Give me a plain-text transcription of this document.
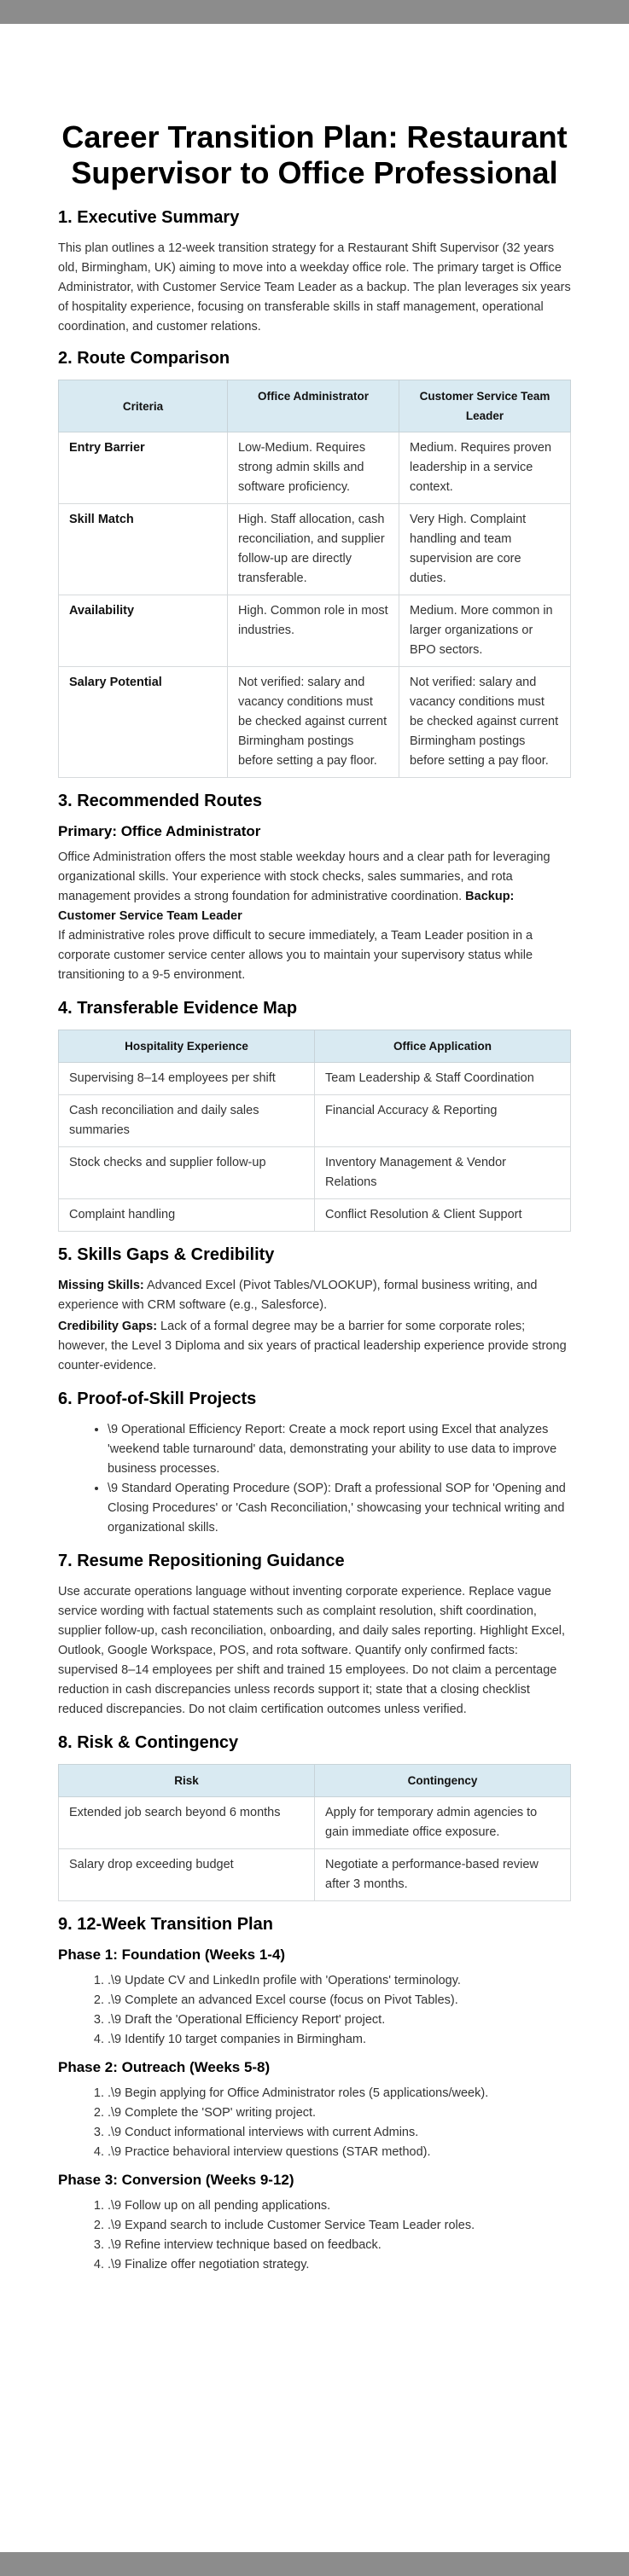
Career Transition Plan: Restaurant Supervisor to Office Professional
1. Executive Summary

This plan outlines a 12-week transition strategy for a Restaurant Shift Supervisor (32 years old, Birmingham, UK) aiming to move into a weekday office role. The primary target is Office Administrator, with Customer Service Team Leader as a backup. The plan leverages six years of hospitality experience, focusing on transferable skills in staff management, operational coordination, and customer relations.

2. Route Comparison
Criteria	Office Administrator	Customer Service Team Leader
Entry Barrier	Low-Medium. Requires strong admin skills and software proficiency.	Medium. Requires proven leadership in a service context.
Skill Match	High. Staff allocation, cash reconciliation, and supplier follow-up are directly transferable.	Very High. Complaint handling and team supervision are core duties.
Availability	High. Common role in most industries.	Medium. More common in larger organizations or BPO sectors.
Salary Potential	Not verified: salary and vacancy conditions must be checked against current Birmingham postings before setting a pay floor.	Not verified: salary and vacancy conditions must be checked against current Birmingham postings before setting a pay floor.
3. Recommended Routes
Primary: Office Administrator

Office Administration offers the most stable weekday hours and a clear path for leveraging organizational skills. Your experience with stock checks, sales summaries, and rota management provides a strong foundation for administrative coordination. Backup: Customer Service Team Leader
If administrative roles prove difficult to secure immediately, a Team Leader position in a corporate customer service center allows you to maintain your supervisory status while transitioning to a 9-5 environment.

4. Transferable Evidence Map
Hospitality Experience	Office Application
Supervising 8–14 employees per shift	Team Leadership & Staff Coordination
Cash reconciliation and daily sales summaries	Financial Accuracy & Reporting
Stock checks and supplier follow-up	Inventory Management & Vendor Relations
Complaint handling	Conflict Resolution & Client Support
5. Skills Gaps & Credibility

Missing Skills: Advanced Excel (Pivot Tables/VLOOKUP), formal business writing, and experience with CRM software (e.g., Salesforce).

Credibility Gaps: Lack of a formal degree may be a barrier for some corporate roles; however, the Level 3 Diploma and six years of practical leadership experience provide strong counter-evidence.

6. Proof-of-Skill Projects
• \9 Operational Efficiency Report: Create a mock report using Excel that analyzes 'weekend table turnaround' data, demonstrating your ability to use data to improve business processes.
• \9 Standard Operating Procedure (SOP): Draft a professional SOP for 'Opening and Closing Procedures' or 'Cash Reconciliation,' showcasing your technical writing and organizational skills.
7. Resume Repositioning Guidance

Use accurate operations language without inventing corporate experience. Replace vague service wording with factual statements such as complaint resolution, shift coordination, supplier follow-up, cash reconciliation, onboarding, and daily sales reporting. Highlight Excel, Outlook, Google Workspace, POS, and rota software. Quantify only confirmed facts: supervised 8–14 employees per shift and trained 15 employees. Do not claim a percentage reduction in cash discrepancies unless records support it; state that a closing checklist reduced discrepancies. Do not claim certification outcomes unless verified.

8. Risk & Contingency
Risk	Contingency
Extended job search beyond 6 months	Apply for temporary admin agencies to gain immediate office exposure.
Salary drop exceeding budget	Negotiate a performance-based review after 3 months.
9. 12-Week Transition Plan
Phase 1: Foundation (Weeks 1-4)
1. .\9 Update CV and LinkedIn profile with 'Operations' terminology.
2. .\9 Complete an advanced Excel course (focus on Pivot Tables).
3. .\9 Draft the 'Operational Efficiency Report' project.
4. .\9 Identify 10 target companies in Birmingham.
Phase 2: Outreach (Weeks 5-8)
1. .\9 Begin applying for Office Administrator roles (5 applications/week).
2. .\9 Complete the 'SOP' writing project.
3. .\9 Conduct informational interviews with current Admins.
4. .\9 Practice behavioral interview questions (STAR method).
Phase 3: Conversion (Weeks 9-12)
1. .\9 Follow up on all pending applications.
2. .\9 Expand search to include Customer Service Team Leader roles.
3. .\9 Refine interview technique based on feedback.
4. .\9 Finalize offer negotiation strategy.
